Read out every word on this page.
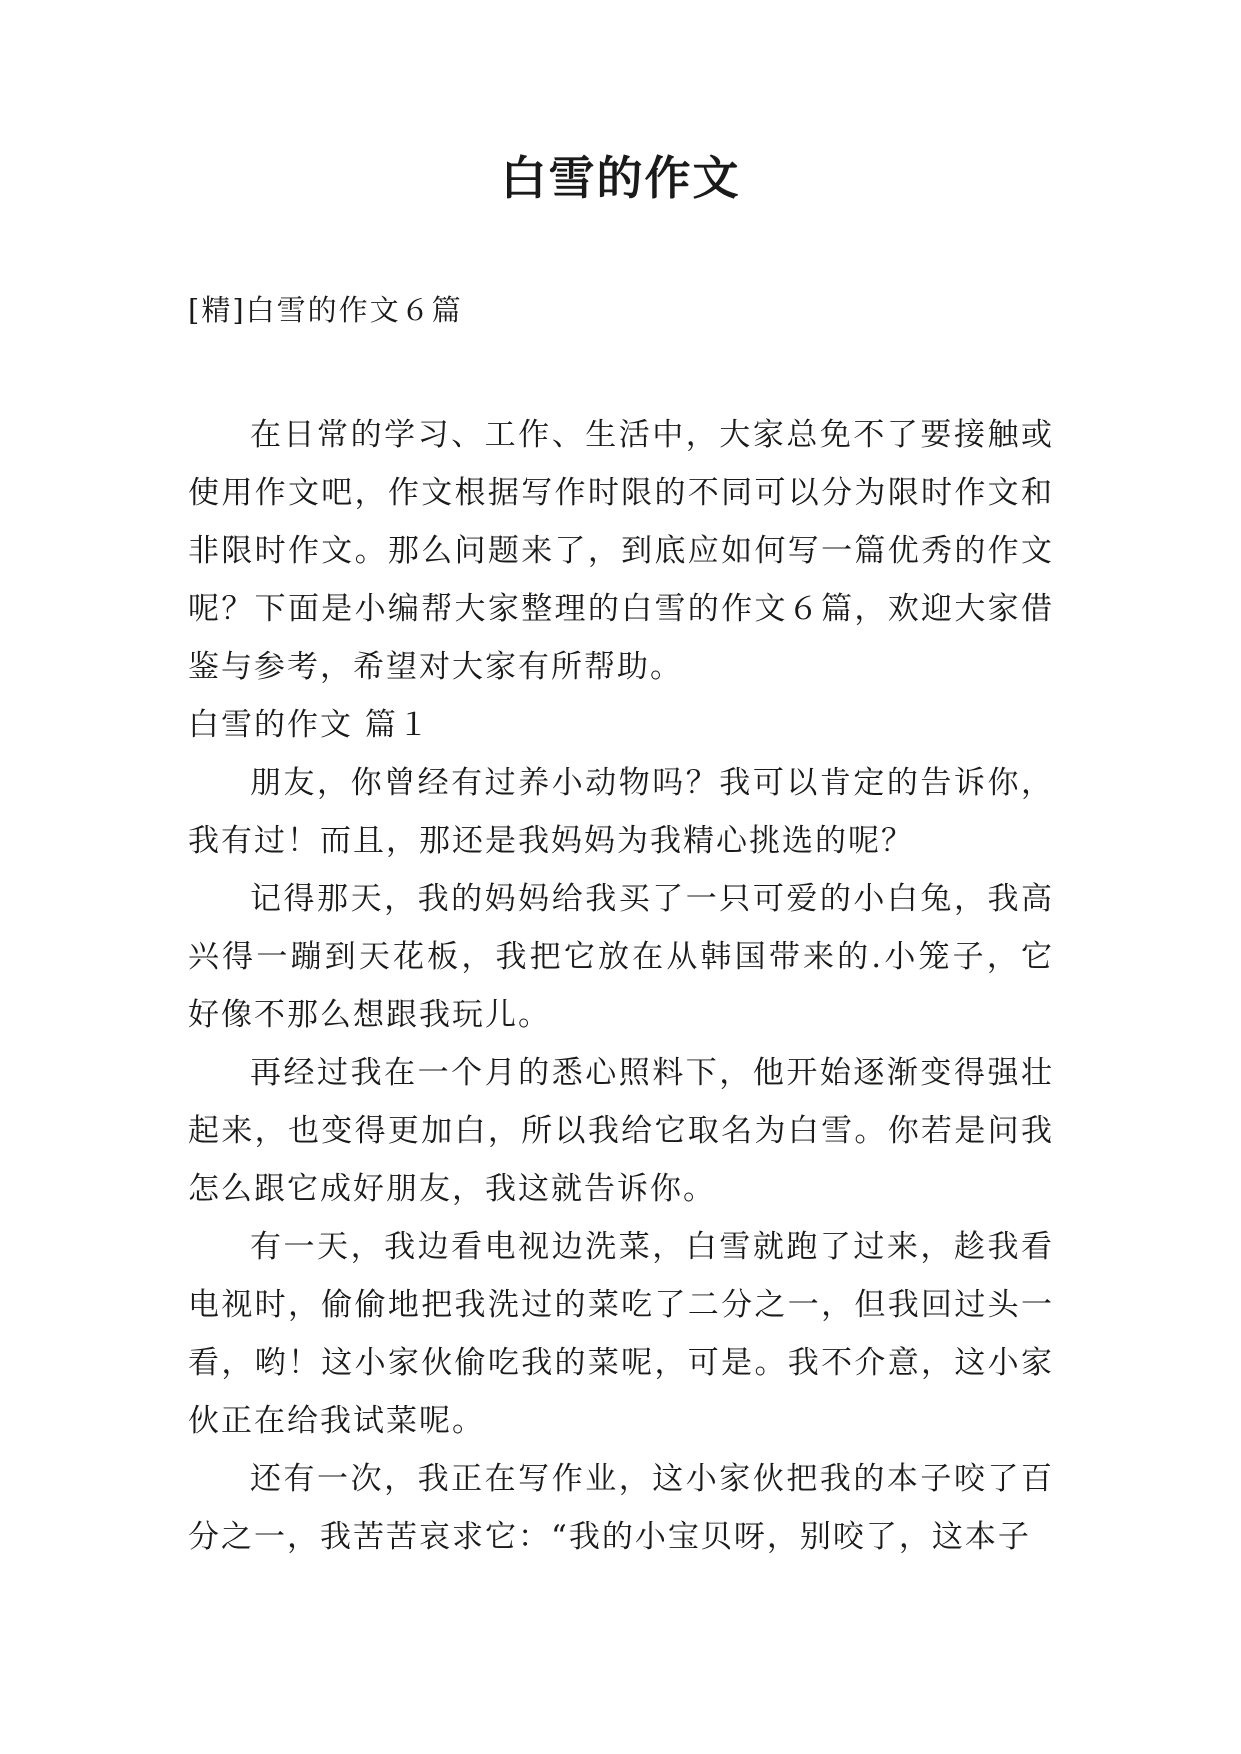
白雪的作文
[精]白雪的作文６篇

在日常的学习、工作、生活中，大家总免不了要接触或使用作文吧，作文根据写作时限的不同可以分为限时作文和非限时作文。那么问题来了，到底应如何写一篇优秀的作文呢？下面是小编帮大家整理的白雪的作文６篇，欢迎大家借鉴与参考，希望对大家有所帮助。

白雪的作文 篇１

朋友，你曾经有过养小动物吗？我可以肯定的告诉你，我有过！而且，那还是我妈妈为我精心挑选的呢？

记得那天，我的妈妈给我买了一只可爱的小白兔，我高兴得一蹦到天花板，我把它放在从韩国带来的.小笼子，它好像不那么想跟我玩儿。

再经过我在一个月的悉心照料下，他开始逐渐变得强壮起来，也变得更加白，所以我给它取名为白雪。你若是问我怎么跟它成好朋友，我这就告诉你。

有一天，我边看电视边洗菜，白雪就跑了过来，趁我看电视时，偷偷地把我洗过的菜吃了二分之一，但我回过头一看，哟！这小家伙偷吃我的菜呢，可是。我不介意，这小家伙正在给我试菜呢。

还有一次，我正在写作业，这小家伙把我的本子咬了百分之一，我苦苦哀求它：“我的小宝贝呀，别咬了，这本子
